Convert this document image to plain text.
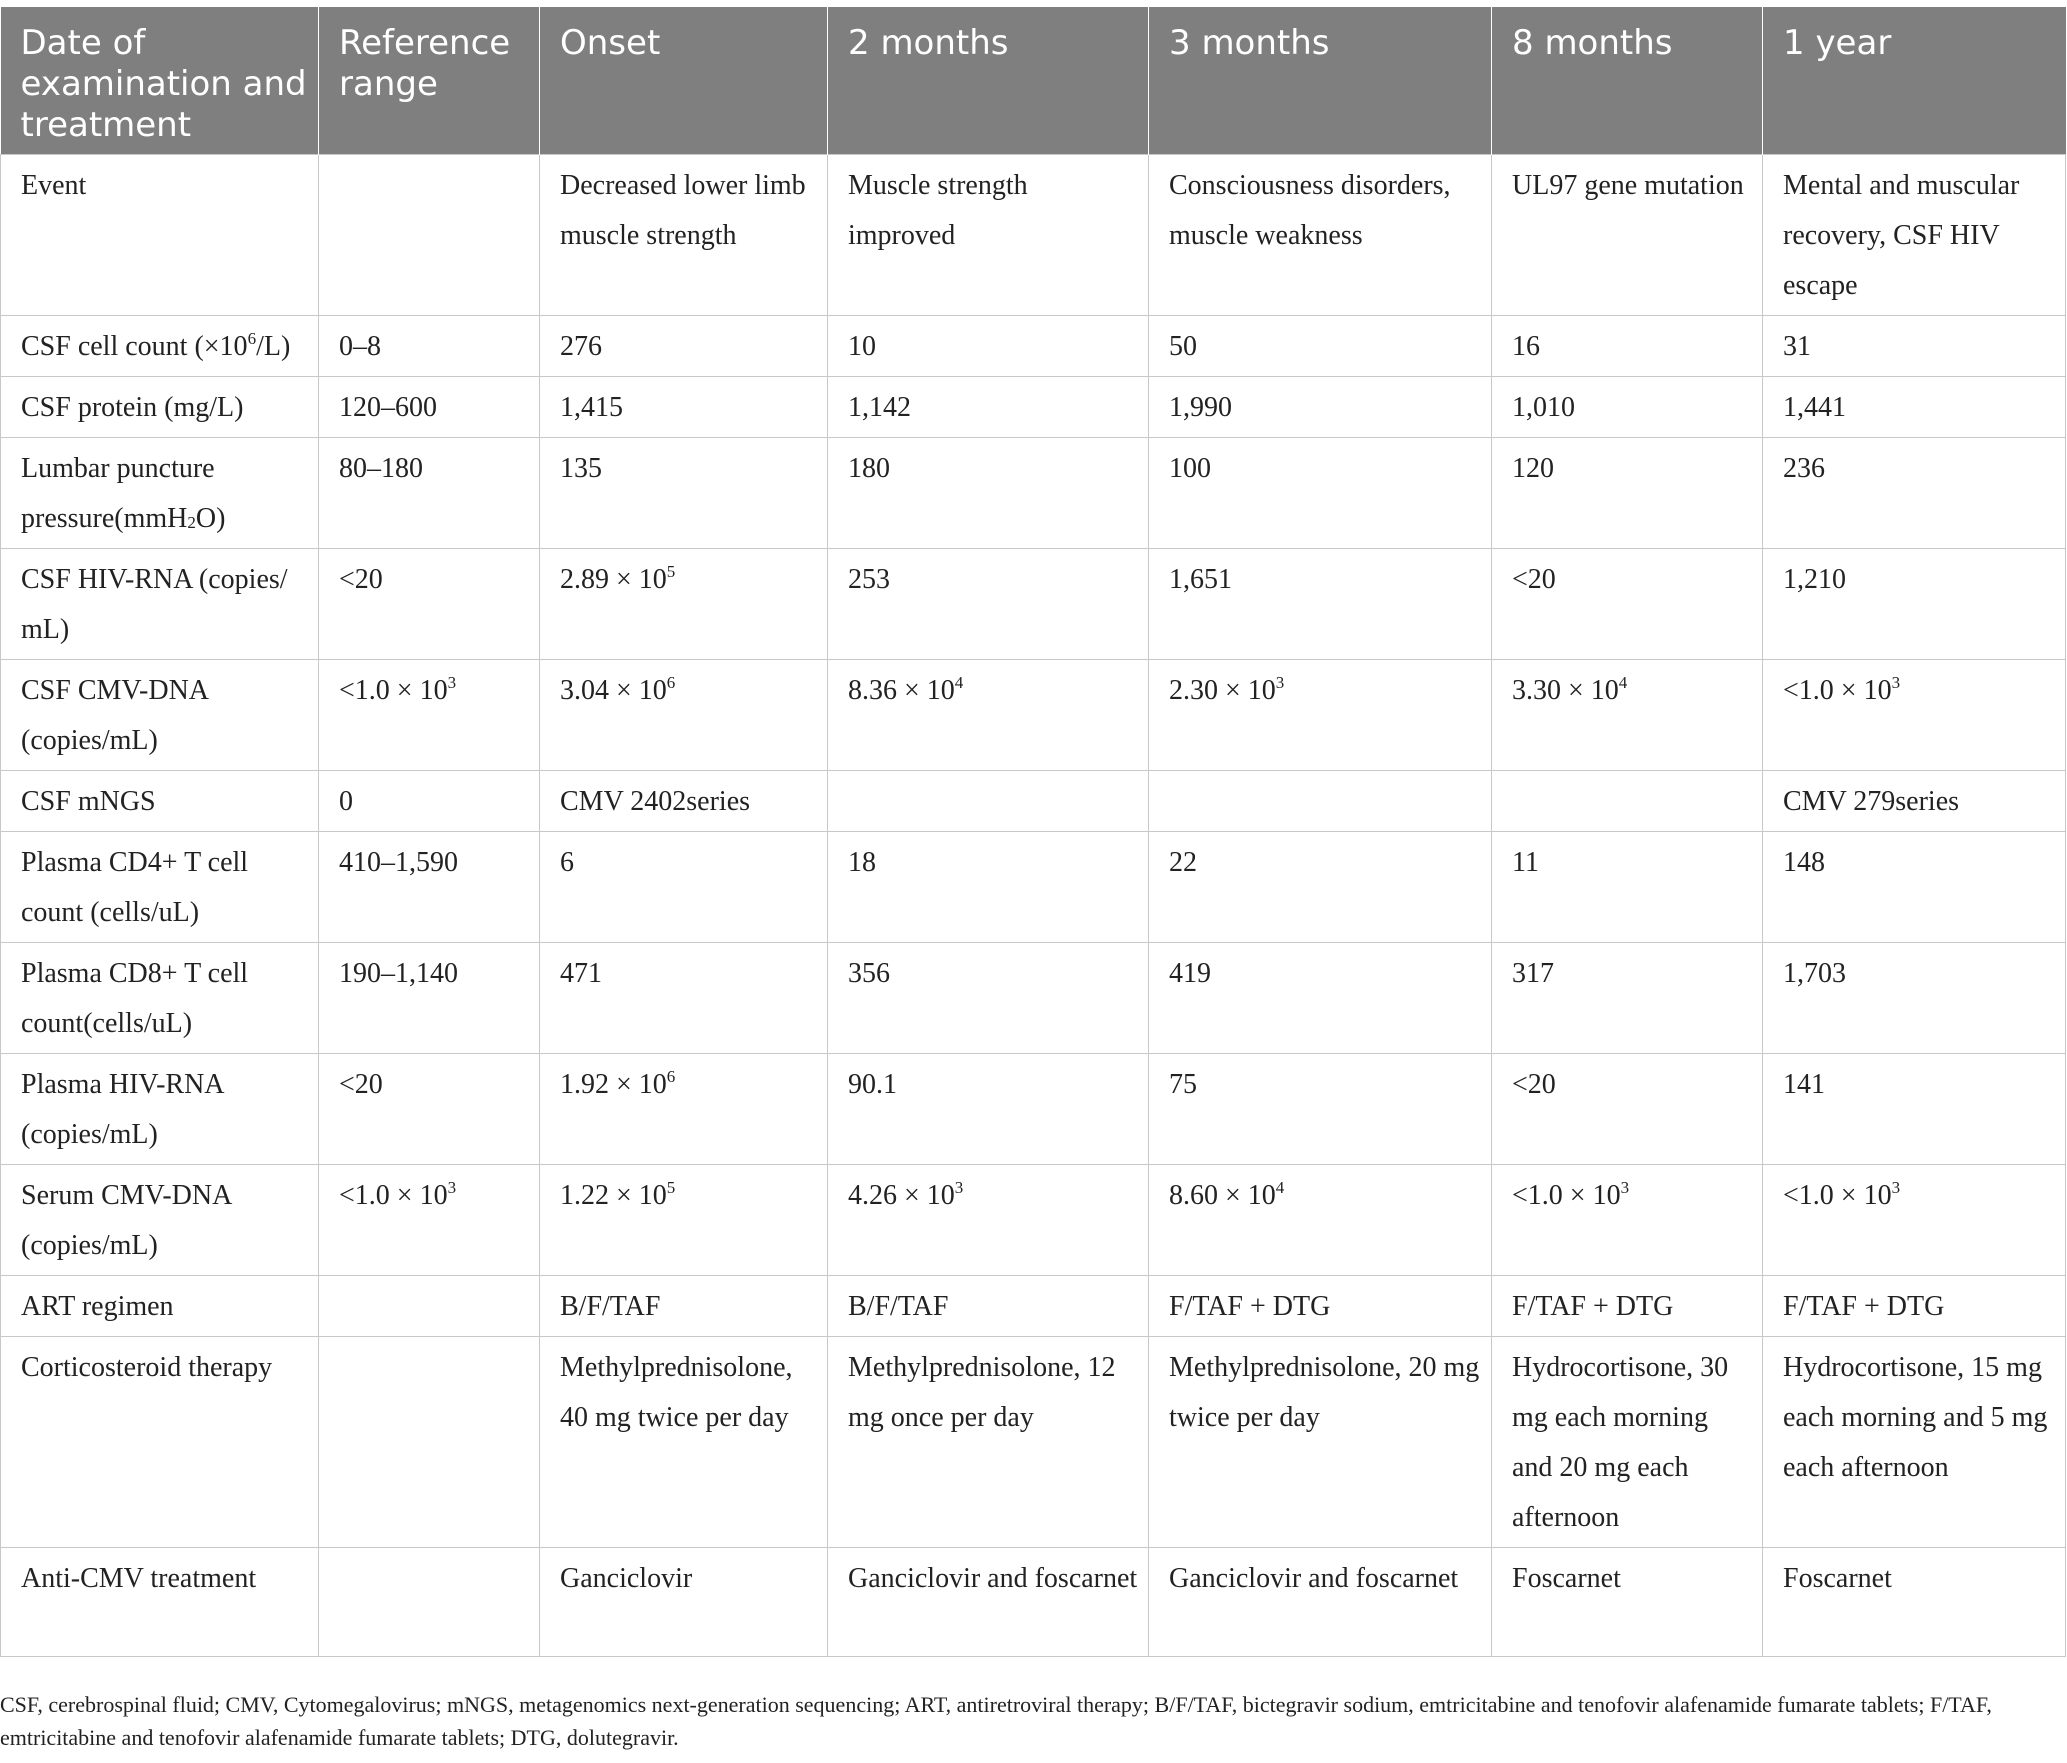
Date of examination and treatment	Reference range	Onset	2 months	3 months	8 months	1 year
Event		Decreased lower limb muscle strength	Muscle strength improved	Consciousness disorders, muscle weakness	UL97 gene mutation	Mental and muscular recovery, CSF HIV escape
CSF cell count $(\times 10^6/L)$	0–8	276	10	50	16	31
CSF protein (mg/L)	120–600	1,415	1,142	1,990	1,010	1,441
Lumbar puncture pressure(mmH$_2$O)	80–180	135	180	100	120	236
CSF HIV-RNA (copies/ mL)	<20	$2.89 \times 10^5$	253	1,651	<20	1,210
CSF CMV-DNA (copies/mL)	$<1.0 \times 10^3$	$3.04 \times 10^6$	$8.36 \times 10^4$	$2.30 \times 10^3$	$3.30 \times 10^4$	$<1.0 \times 10^3$
CSF mNGS	0	CMV 2402series				CMV 279series
Plasma CD4+ T cell count (cells/uL)	410–1,590	6	18	22	11	148
Plasma CD8+ T cell count(cells/uL)	190–1,140	471	356	419	317	1,703
Plasma HIV-RNA (copies/mL)	<20	$1.92 \times 10^6$	90.1	75	<20	141
Serum CMV-DNA (copies/mL)	$<1.0 \times 10^3$	$1.22 \times 10^5$	$4.26 \times 10^3$	$8.60 \times 10^4$	$<1.0 \times 10^3$	$<1.0 \times 10^3$
ART regimen		B/F/TAF	B/F/TAF	F/TAF + DTG	F/TAF + DTG	F/TAF + DTG
Corticosteroid therapy		Methylprednisolone, 40 mg twice per day	Methylprednisolone, 12 mg once per day	Methylprednisolone, 20 mg twice per day	Hydrocortisone, 30 mg each morning and 20 mg each afternoon	Hydrocortisone, 15 mg each morning and 5 mg each afternoon
Anti-CMV treatment		Ganciclovir	Ganciclovir and foscarnet	Ganciclovir and foscarnet	Foscarnet	Foscarnet
CSF, cerebrospinal fluid; CMV, Cytomegalovirus; mNGS, metagenomics next-generation sequencing; ART, antiretroviral therapy; B/F/TAF, bictegravir sodium, emtricitabine and tenofovir alafenamide fumarate tablets; F/TAF, emtricitabine and tenofovir alafenamide fumarate tablets; DTG, dolutegravir.
